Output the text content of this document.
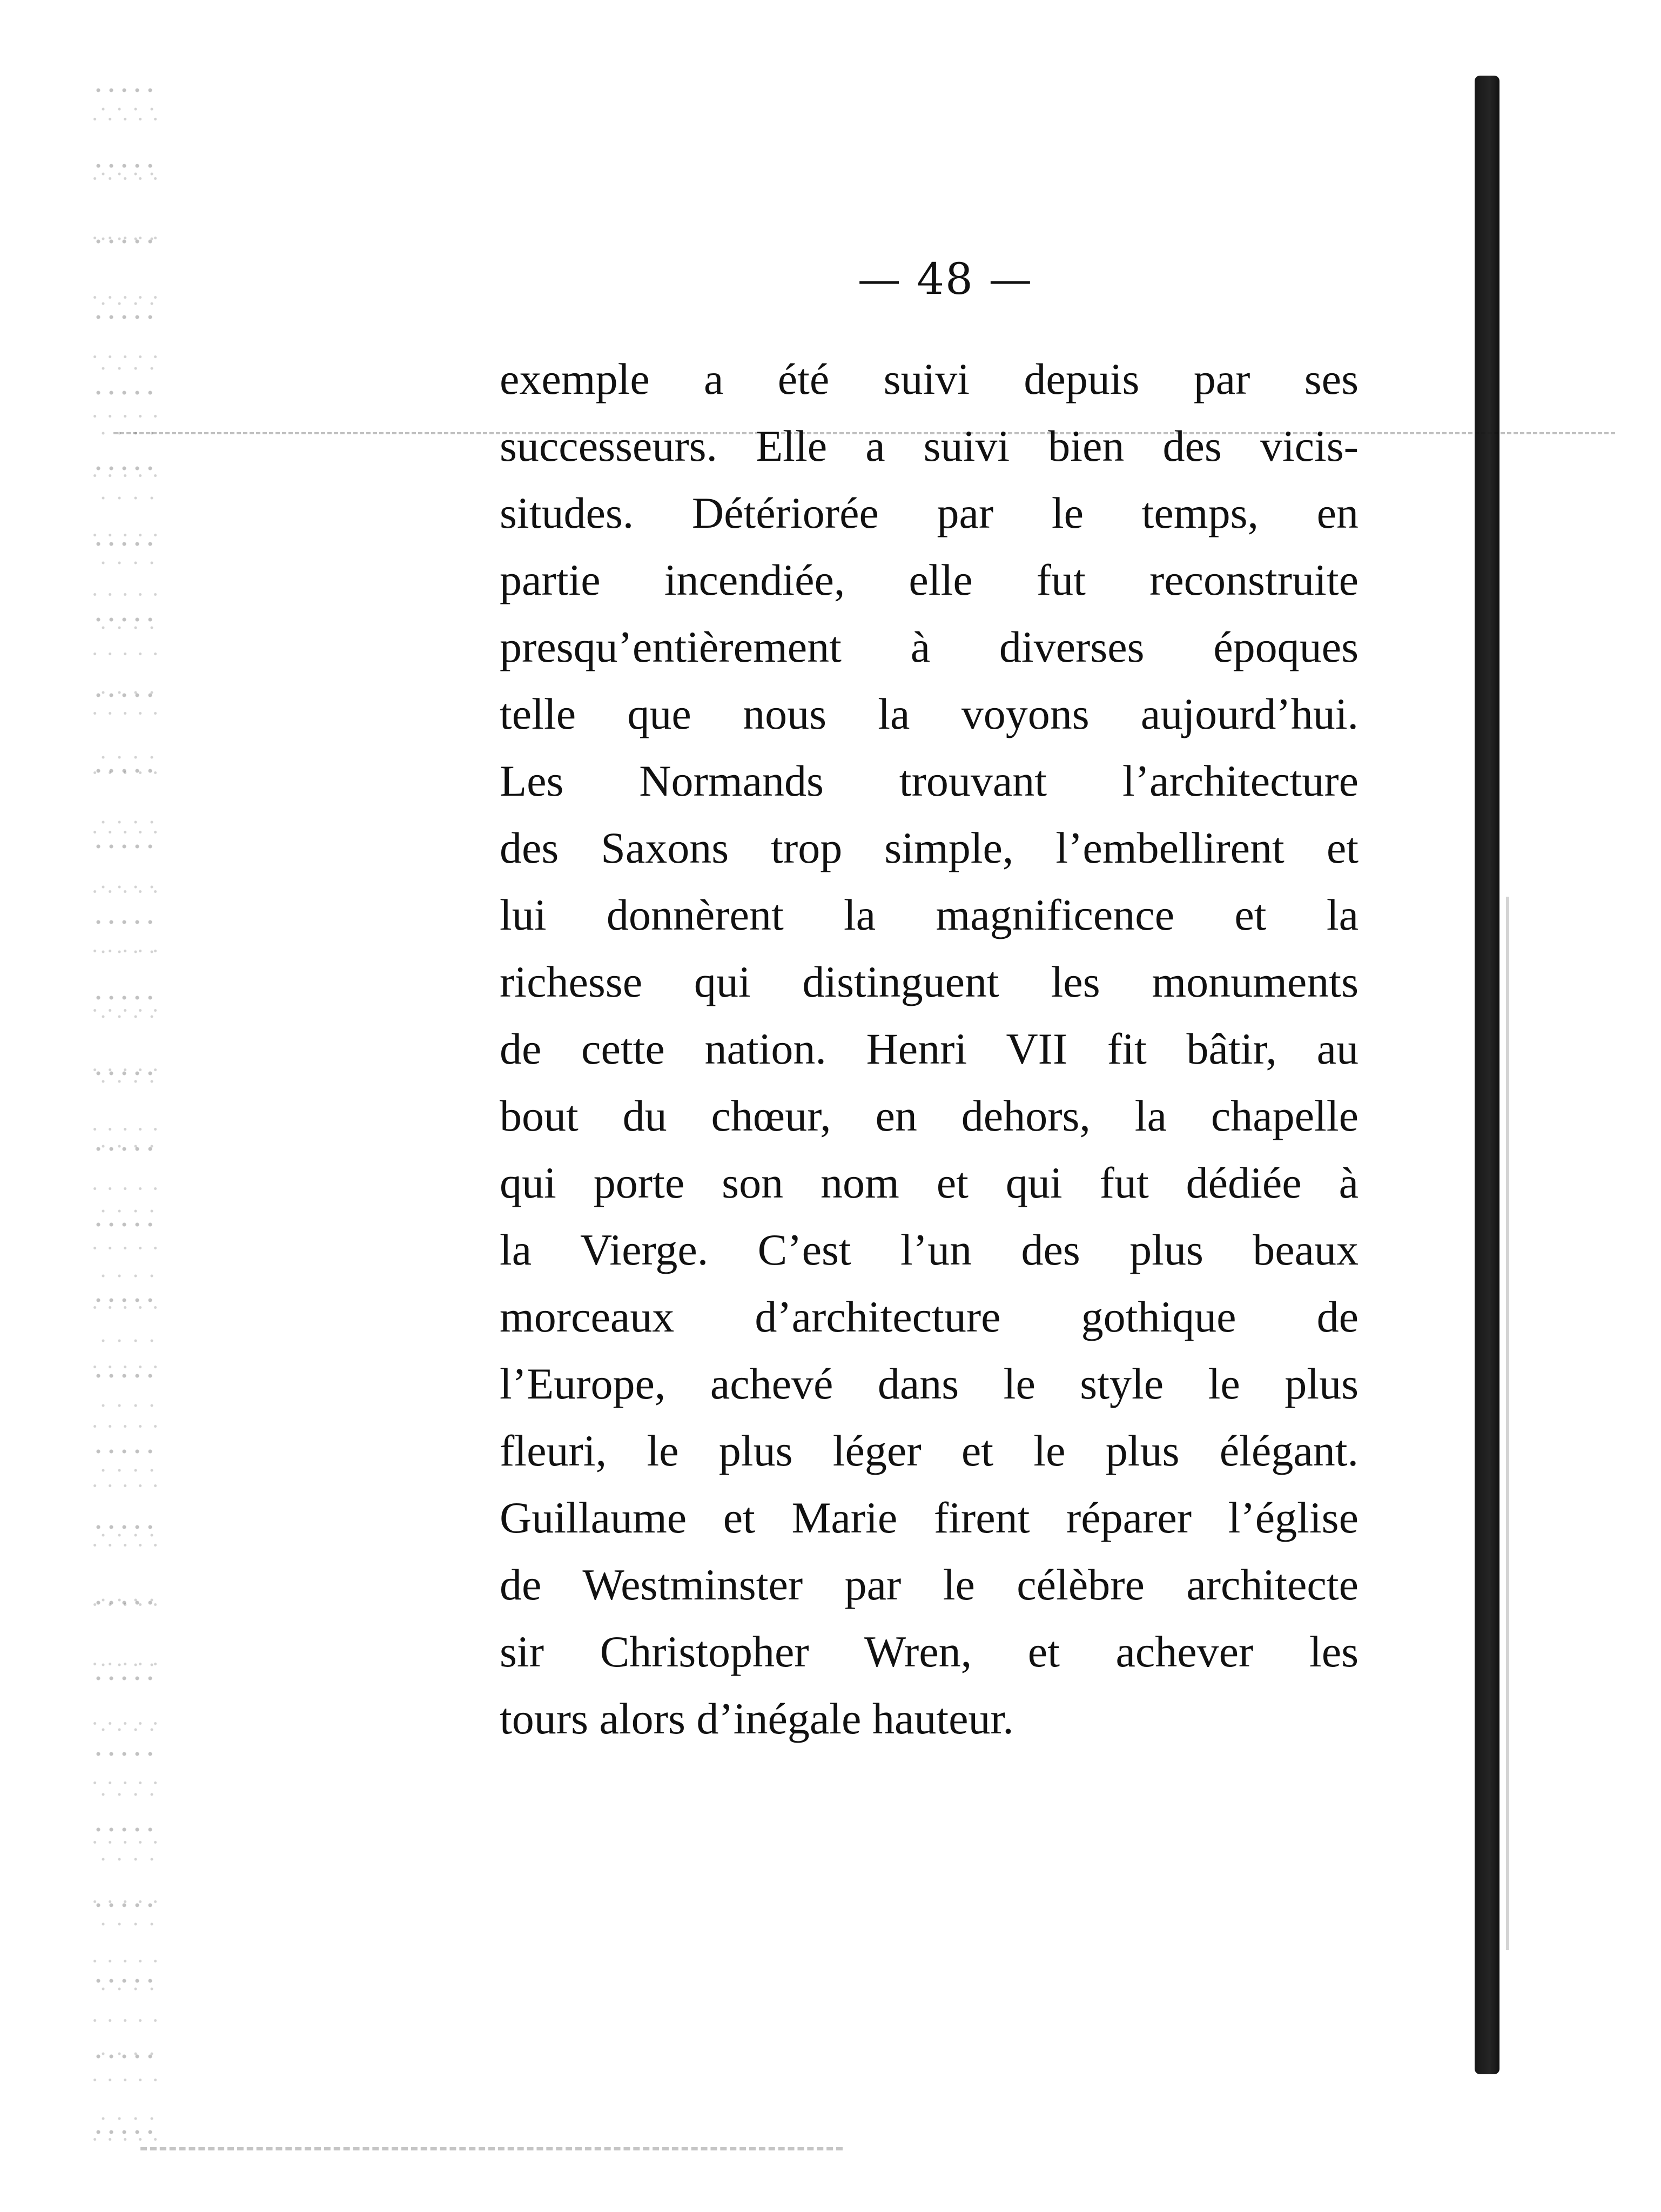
— 48 —
exemple a été suivi depuis par ses
successeurs. Elle a suivi bien des vicis-
situdes. Détériorée par le temps, en
partie incendiée, elle fut reconstruite
presqu’entièrement à diverses époques
telle que nous la voyons aujourd’hui.
Les Normands trouvant l’architecture
des Saxons trop simple, l’embellirent et
lui donnèrent la magnificence et la
richesse qui distinguent les monuments
de cette nation. Henri VII fit bâtir, au
bout du chœur, en dehors, la chapelle
qui porte son nom et qui fut dédiée à
la Vierge. C’est l’un des plus beaux
morceaux d’architecture gothique de
l’Europe, achevé dans le style le plus
fleuri, le plus léger et le plus élégant.
Guillaume et Marie firent réparer l’église
de Westminster par le célèbre architecte
sir Christopher Wren, et achever les
tours alors d’inégale hauteur.
